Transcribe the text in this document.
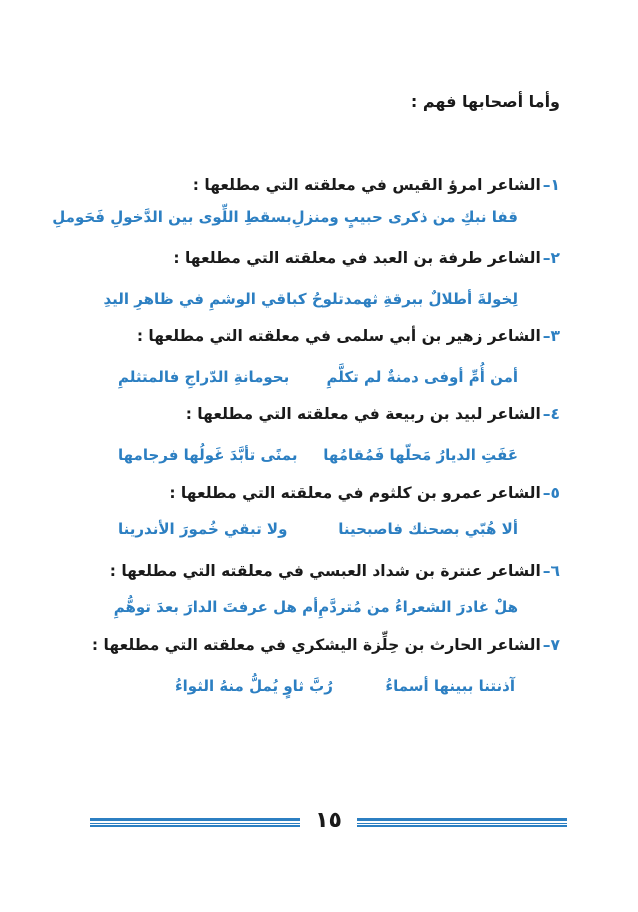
وأما أصحابها فهم :
١–الشاعر امرؤ القيس في معلقته التي مطلعها :
قفا نبكِ من ذكرى حبيبٍ ومنزلِ
بسقطِ اللِّوى بين الدَّخولِ فَحَوملِ
٢–الشاعر طرفة بن العبد في معلقته التي مطلعها :
لِخولةَ أطلالٌ ببرقةِ ثهمد
تلوحُ كباقي الوشمِ في ظاهرِ اليدِ
٣–الشاعر زهير بن أبي سلمى في معلقته التي مطلعها :
أمن أُمِّ أوفى دمنةٌ لم تكلَّمِ
بحومانةِ الدّراجِ فالمتثلمِ
٤–الشاعر لبيد بن ربيعة في معلقته التي مطلعها :
عَفَتِ الديارُ مَحلّها فَمُقامُها
بمنًى تأبَّدَ غَولُها فرجامها
٥–الشاعر عمرو بن كلثوم في معلقته التي مطلعها :
ألا هُبّي بصحنك فاصبحينا
ولا تبقي خُمورَ الأندرينا
٦–الشاعر عنترة بن شداد العبسي في معلقته التي مطلعها :
هلْ غادرَ الشعراءُ من مُتردَّمِ
أم هل عرفتَ الدارَ بعدَ توهُّمِ
٧–الشاعر الحارث بن حِلِّزة اليشكري في معلقته التي مطلعها :
آذنتنا ببينها أسماءُ
رُبَّ ثاوٍ يُملُّ منهُ الثواءُ
١٥
